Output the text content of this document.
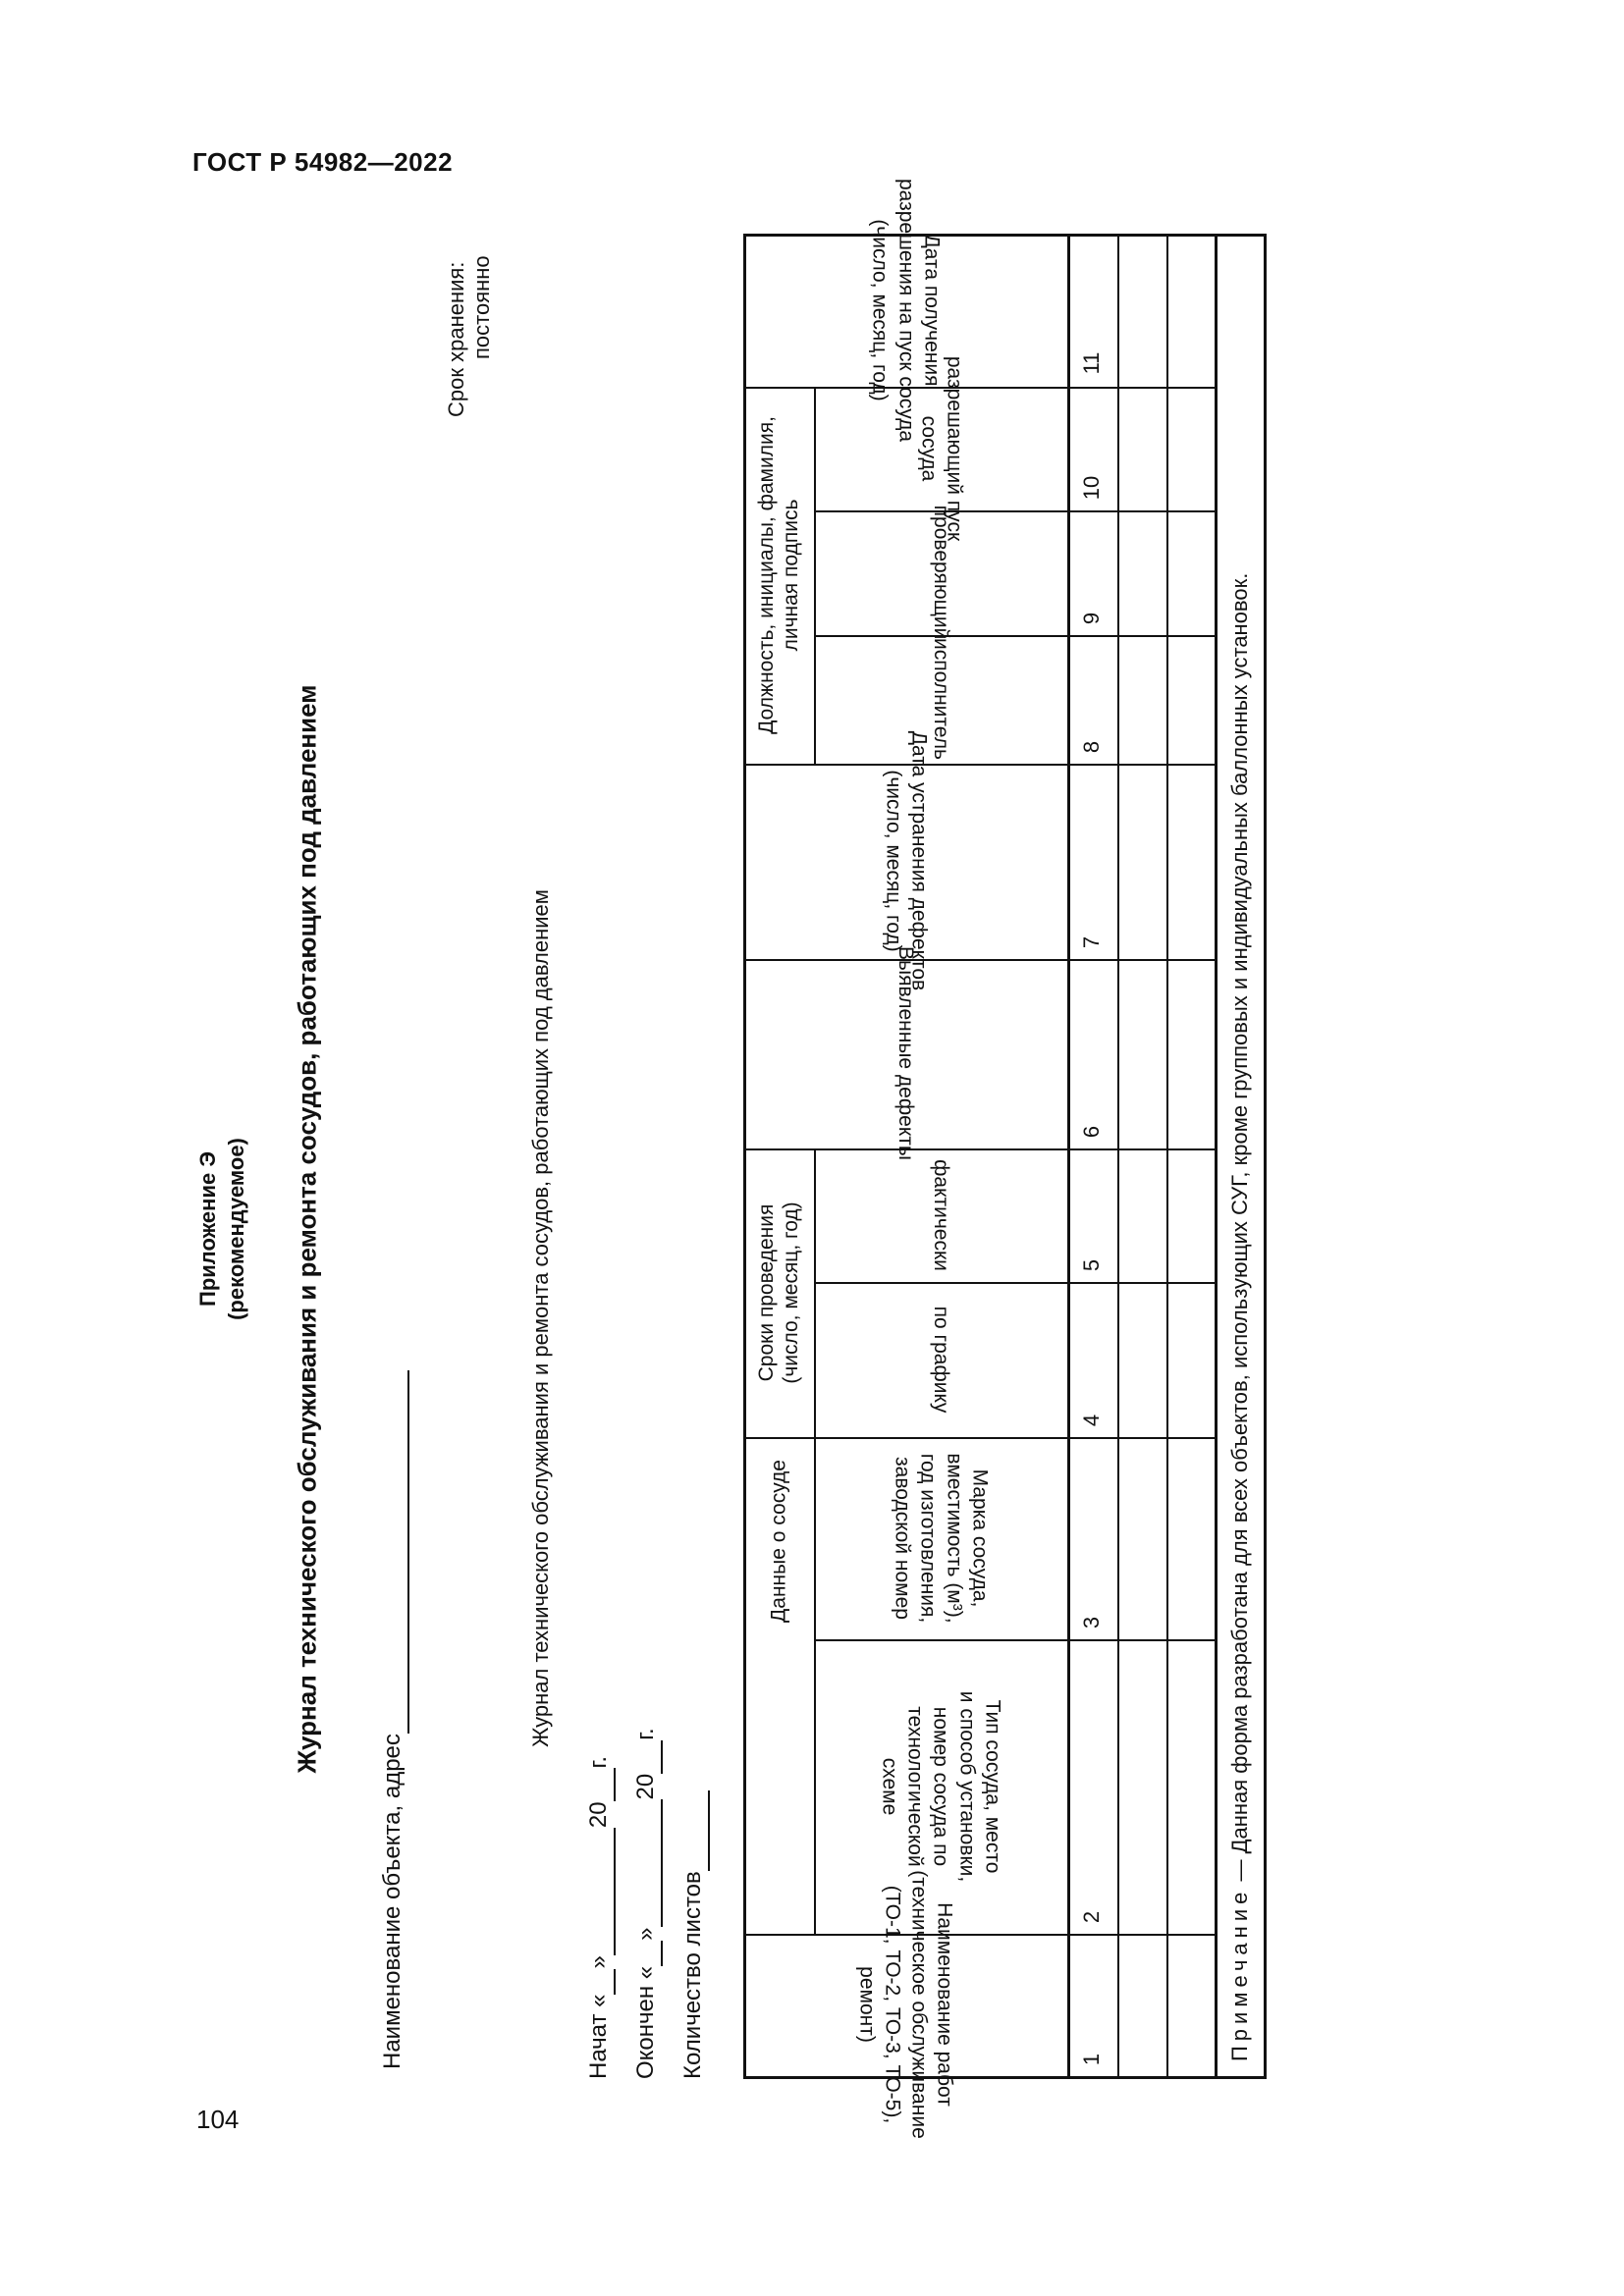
ГОСТ Р 54982—2022
104
Приложение Э (рекомендуемое) Журнал технического обслуживания и ремонта сосудов, работающих под давлением
Срок хранения: постоянно
Наименование объекта, адрес
Журнал технического обслуживания и ремонта сосудов, работающих под давлением
Начат « » 20 г.
Окончен « » 20 г.
Количество листов
Данные о сосуде
Сроки проведения
(число, месяц, год)
Должность, инициалы, фамилия,
личная подпись
Наименование работ
(техническое обслуживание
(ТО-1, ТО-2, ТО-3, ТО-5),
ремонт)
Тип сосуда, место
и способ установки,
номер сосуда по
технологической
схеме
Марка сосуда,
вместимость (м³),
год изготовления,
заводской номер
по графику
фактически
Выявленные дефекты
Дата устранения дефектов
(число, месяц, год)
исполнитель
проверяющий
разрешающий пуск
сосуда
Дата получения
разрешения на пуск сосуда
(число, месяц, год)
1
2
3
4
5
6
7
8
9
10
11
Примечание — Данная форма разработана для всех объектов, использующих СУГ, кроме групповых и индивидуальных баллонных установок.
